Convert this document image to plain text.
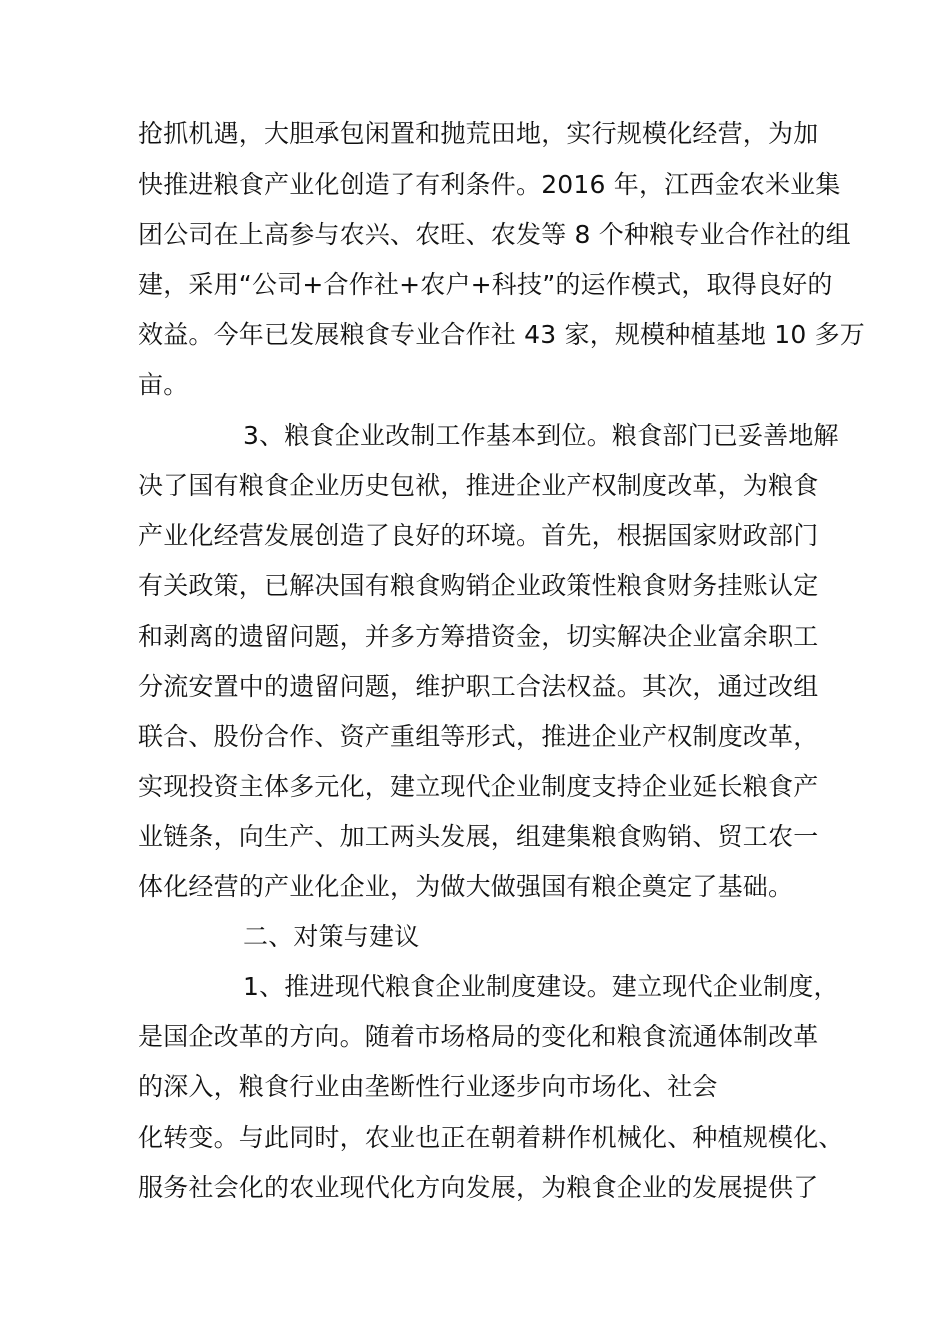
抢抓机遇，大胆承包闲置和抛荒田地，实行规模化经营，为加
快推进粮食产业化创造了有利条件。2016 年，江西金农米业集
团公司在上高参与农兴、农旺、农发等 8 个种粮专业合作社的组
建，采用“公司+合作社+农户+科技”的运作模式，取得良好的
效益。今年已发展粮食专业合作社 43 家，规模种植基地 10 多万
亩。
3、粮食企业改制工作基本到位。粮食部门已妥善地解
决了国有粮食企业历史包袱，推进企业产权制度改革，为粮食
产业化经营发展创造了良好的环境。首先，根据国家财政部门
有关政策，已解决国有粮食购销企业政策性粮食财务挂账认定
和剥离的遗留问题，并多方筹措资金，切实解决企业富余职工
分流安置中的遗留问题，维护职工合法权益。其次，通过改组
联合、股份合作、资产重组等形式，推进企业产权制度改革，
实现投资主体多元化，建立现代企业制度支持企业延长粮食产
业链条，向生产、加工两头发展，组建集粮食购销、贸工农一
体化经营的产业化企业，为做大做强国有粮企奠定了基础。
二、对策与建议
1、推进现代粮食企业制度建设。建立现代企业制度，
是国企改革的方向。随着市场格局的变化和粮食流通体制改革
的深入，粮食行业由垄断性行业逐步向市场化、社会
化转变。与此同时，农业也正在朝着耕作机械化、种植规模化、
服务社会化的农业现代化方向发展，为粮食企业的发展提供了
